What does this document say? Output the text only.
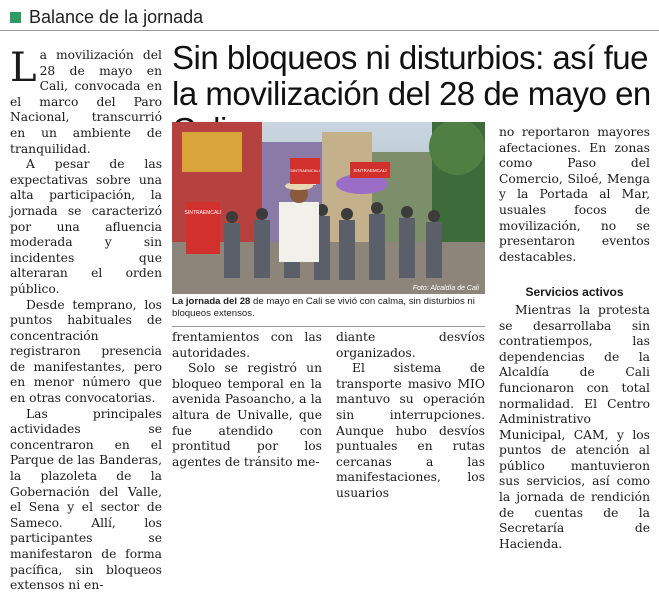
Balance de la jornada
Sin bloqueos ni disturbios: así fue la movilización del 28 de mayo en

La movilización del 28 de mayo en Cali, convocada en el marco del Paro Nacional, transcurrió en un ambiente de tranquilidad.

A pesar de las expectativas sobre una alta participación, la jornada se caracterizó por una afluencia moderada y sin incidentes que alteraran el orden público.

Desde temprano, los puntos habituales de concentración registraron presencia de manifestantes, pero en menor número que en otras convocatorias.

Las principales actividades se concentraron en el Parque de las Banderas, la plazoleta de la Gobernación del Valle, el Sena y el sector de Sameco. Allí, los participantes se manifestaron de forma pacífica, sin bloqueos extensos ni en-

SINTRAEMCALI
SINTRAEMCALI	SINTRAEMCALI
Foto: Alcaldía de Cali

La jornada del 28 de mayo en Cali se vivió con calma, sin disturbios ni bloqueos extensos.

frentamientos con las autoridades.

Solo se registró un bloqueo temporal en la avenida Pasoancho, a la altura de Univalle, que fue atendido con prontitud por los agentes de tránsito me-

diante desvíos organizados.

El sistema de transporte masivo MIO mantuvo su operación sin interrupciones. Aunque hubo desvíos puntuales en rutas cercanas a las manifestaciones, los usuarios

no reportaron mayores afectaciones. En zonas como Paso del Comercio, Siloé, Menga y la Portada al Mar, usuales focos de movilización, no se presentaron eventos destacables.

Servicios activos

Mientras la protesta se desarrollaba sin contratiempos, las dependencias de la Alcaldía de Cali funcionaron con total normalidad. El Centro Administrativo Municipal, CAM, y los puntos de atención al público mantuvieron sus servicios, así como la jornada de rendición de cuentas de la Secretaría de Hacienda.
